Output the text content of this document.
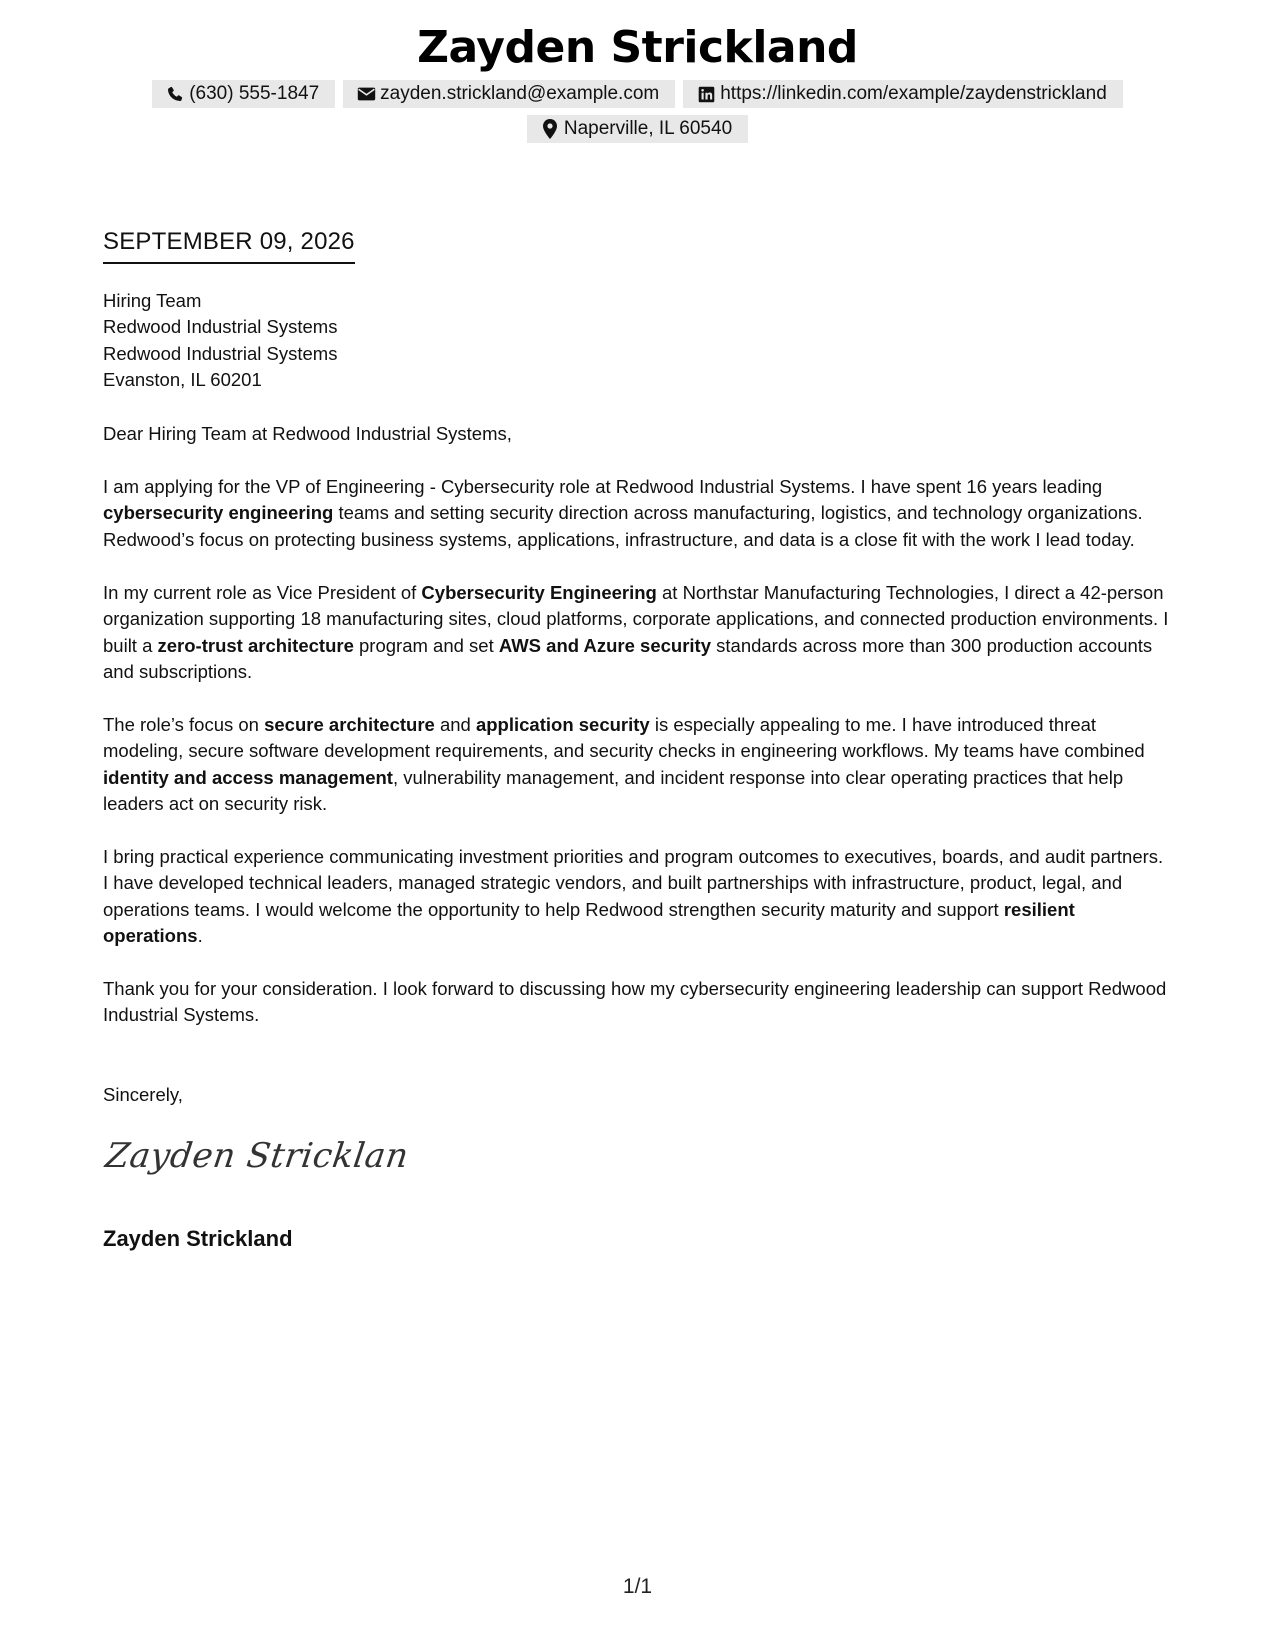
Zayden Strickland
(630) 555-1847	zayden.strickland@example.com	https://linkedin.com/example/zaydenstrickland
Naperville, IL 60540
SEPTEMBER 09, 2026
Hiring Team
Redwood Industrial Systems
Redwood Industrial Systems
Evanston, IL 60201
Dear Hiring Team at Redwood Industrial Systems,
I am applying for the VP of Engineering - Cybersecurity role at Redwood Industrial Systems. I have spent 16 years leading cybersecurity engineering teams and setting security direction across manufacturing, logistics, and technology organizations. Redwood’s focus on protecting business systems, applications, infrastructure, and data is a close fit with the work I lead today.
In my current role as Vice President of Cybersecurity Engineering at Northstar Manufacturing Technologies, I direct a 42-person organization supporting 18 manufacturing sites, cloud platforms, corporate applications, and connected production environments. I built a zero-trust architecture program and set AWS and Azure security standards across more than 300 production accounts and subscriptions.
The role’s focus on secure architecture and application security is especially appealing to me. I have introduced threat modeling, secure software development requirements, and security checks in engineering workflows. My teams have combined identity and access management, vulnerability management, and incident response into clear operating practices that help leaders act on security risk.
I bring practical experience communicating investment priorities and program outcomes to executives, boards, and audit partners. I have developed technical leaders, managed strategic vendors, and built partnerships with infrastructure, product, legal, and operations teams. I would welcome the opportunity to help Redwood strengthen security maturity and support resilient operations.
Thank you for your consideration. I look forward to discussing how my cybersecurity engineering leadership can support Redwood Industrial Systems.
Sincerely,
Zayden Stricklan
Zayden Strickland
1/1
